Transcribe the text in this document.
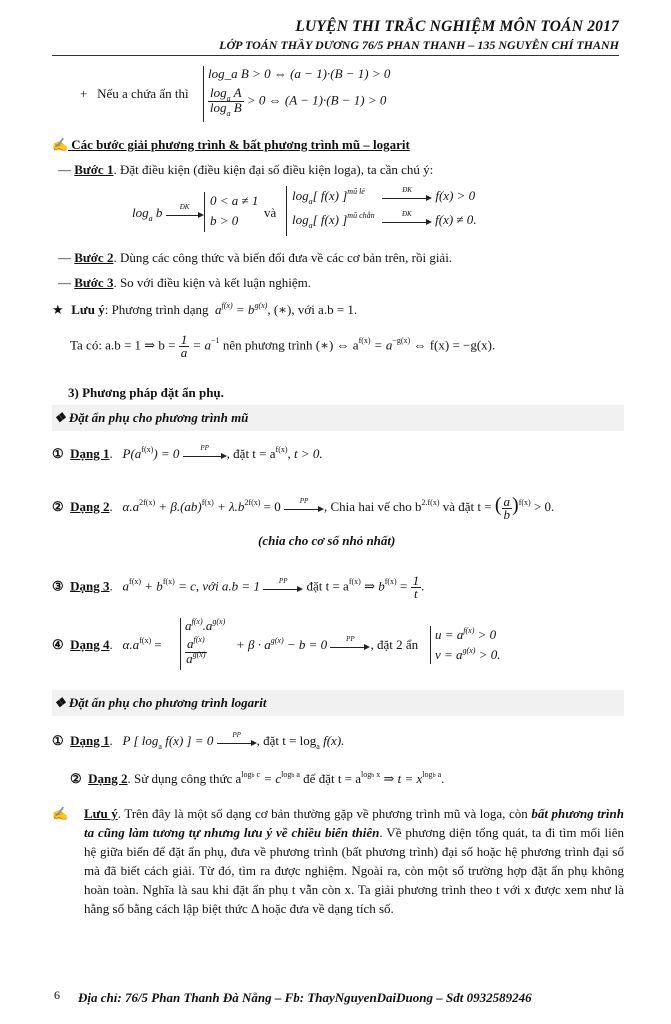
LUYỆN THI TRẮC NGHIỆM MÔN TOÁN 2017
LỚP TOÁN THẦY DƯƠNG 76/5 PHAN THANH – 135 NGUYỄN CHÍ THANH
+ Nếu a chứa ẩn thì
log_a B > 0 ⇔ (a − 1)·(B − 1) > 0
$\frac{\log_a A}{\log_a B} > 0$ ⇔ (A − 1)·(B − 1) > 0
✍ Các bước giải phương trình & bất phương trình mũ – logarit
— Bước 1. Đặt điều kiện (điều kiện đại số điều kiện loga), ta cần chú ý:
$\log_a b$	ĐK	0 < a ≠ 1
b > 0
và
$\log_a$[ f(x) ]$^{mũ lẻ}$	ĐK	f(x) > 0
$\log_a$[ f(x) ]$^{mũ chẵn}$	ĐK	f(x) ≠ 0.
— Bước 2. Dùng các công thức và biến đổi đưa về các cơ bản trên, rồi giải.
— Bước 3. So với điều kiện và kết luận nghiệm.
★ Lưu ý: Phương trình dạng  $a^{f(x)} = b^{g(x)}$, (∗), với a.b = 1.
Ta có: a.b = 1 ⇒ $b = \frac{1}{a} = a^{-1}$ nên phương trình (∗) ⇔ $a^{f(x)} = a^{-g(x)}$ ⇔ f(x) = −g(x).
3) Phương pháp đặt ẩn phụ.
❖ Đặt ẩn phụ cho phương trình mũ
① Dạng 1.   $P(a^{f(x)}) = 0$	PP	, đặt $t = a^{f(x)}$, t > 0.
② Dạng 2.   $\alpha.a^{2f(x)} + \beta.(ab)^{f(x)} + \lambda.b^{2f(x)} = 0$	PP	, Chia hai vế cho $b^{2.f(x)}$ và đặt t = ( $\frac{a}{b} )^{f(x)} > 0$.
(chia cho cơ số nhỏ nhất)
③ Dạng 3.   $a^{f(x)} + b^{f(x)} = c$, với a.b = 1	PP	đặt $t = a^{f(x)}$ ⇒ $b^{f(x)} = \frac{1}{t}$ .
④ Dạng 4.   $\alpha.a^{f(x)}$ =
$a^{f(x)}.a^{g(x)}$
$\frac{a^{f(x)}}{a^{g(x)}} + \beta \cdot a^{g(x)} - b = 0$	PP	, đặt 2 ẩn
$u = a^{f(x)} > 0$
$v = a^{g(x)} > 0$.
❖ Đặt ẩn phụ cho phương trình logarit
① Dạng 1.   P [ $\log_a f(x)$ ] = 0	PP	, đặt $t = \log_a f(x)$.
② Dạng 2. Sử dụng công thức $a^{logb c} = c^{logb a}$ để đặt $t = a^{logb x}$ ⇒ $t = x^{logb a}$.
✍ Lưu ý. Trên đây là một số dạng cơ bản thường gặp về phương trình mũ và loga, còn bất phương trình ta cũng làm tương tự nhưng lưu ý về chiều biến thiên. Về phương diện tổng quát, ta đi tìm mối liên hệ giữa biến để đặt ẩn phụ, đưa về phương trình (bất phương trình) đại số hoặc hệ phương trình đại số mà đã biết cách giải. Từ đó, tìm ra được nghiệm. Ngoài ra, còn một số trường hợp đặt ẩn phụ không hoàn toàn. Nghĩa là sau khi đặt ẩn phụ t vẫn còn x. Ta giải phương trình theo t với x được xem như là hằng số bằng cách lập biệt thức Δ hoặc đưa về dạng tích số.
6 Địa chỉ: 76/5 Phan Thanh Đà Nẵng – Fb: ThayNguyenDaiDuong – Sdt 0932589246
